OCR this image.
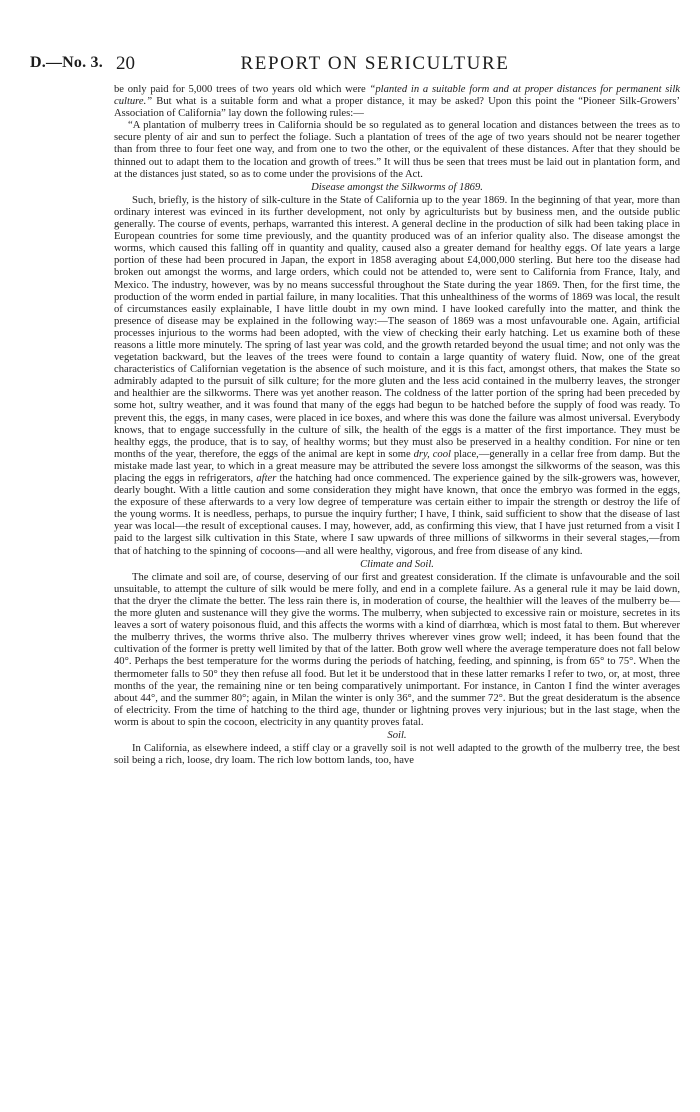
D.—No. 3. 20	REPORT ON SERICULTURE

be only paid for 5,000 trees of two years old which were “planted in a suitable form and at proper distances for permanent silk culture.” But what is a suitable form and what a proper distance, it may be asked? Upon this point the “Pioneer Silk-Growers’ Association of California” lay down the following rules:—

“A plantation of mulberry trees in California should be so regulated as to general location and distances between the trees as to secure plenty of air and sun to perfect the foliage. Such a plantation of trees of the age of two years should not be nearer together than from three to four feet one way, and from one to two the other, or the equivalent of these distances. After that they should be thinned out to adapt them to the location and growth of trees.” It will thus be seen that trees must be laid out in plantation form, and at the distances just stated, so as to come under the provisions of the Act.

Disease amongst the Silkworms of 1869.

Such, briefly, is the history of silk-culture in the State of California up to the year 1869. In the beginning of that year, more than ordinary interest was evinced in its further development, not only by agriculturists but by business men, and the outside public generally. The course of events, perhaps, warranted this interest. A general decline in the production of silk had been taking place in European countries for some time previously, and the quantity produced was of an inferior quality also. The disease amongst the worms, which caused this falling off in quantity and quality, caused also a greater demand for healthy eggs. Of late years a large portion of these had been procured in Japan, the export in 1858 averaging about £4,000,000 sterling. But here too the disease had broken out amongst the worms, and large orders, which could not be attended to, were sent to California from France, Italy, and Mexico. The industry, however, was by no means successful throughout the State during the year 1869. Then, for the first time, the production of the worm ended in partial failure, in many localities. That this unhealthiness of the worms of 1869 was local, the result of circumstances easily explainable, I have little doubt in my own mind. I have looked carefully into the matter, and think the presence of disease may be explained in the following way:—The season of 1869 was a most unfavourable one. Again, artificial processes injurious to the worms had been adopted, with the view of checking their early hatching. Let us examine both of these reasons a little more minutely. The spring of last year was cold, and the growth retarded beyond the usual time; and not only was the vegetation backward, but the leaves of the trees were found to contain a large quantity of watery fluid. Now, one of the great characteristics of Californian vegetation is the absence of such moisture, and it is this fact, amongst others, that makes the State so admirably adapted to the pursuit of silk culture; for the more gluten and the less acid contained in the mulberry leaves, the stronger and healthier are the silkworms. There was yet another reason. The coldness of the latter portion of the spring had been preceded by some hot, sultry weather, and it was found that many of the eggs had begun to be hatched before the supply of food was ready. To prevent this, the eggs, in many cases, were placed in ice boxes, and where this was done the failure was almost universal. Everybody knows, that to engage successfully in the culture of silk, the health of the eggs is a matter of the first importance. They must be healthy eggs, the produce, that is to say, of healthy worms; but they must also be preserved in a healthy condition. For nine or ten months of the year, therefore, the eggs of the animal are kept in some dry, cool place,—generally in a cellar free from damp. But the mistake made last year, to which in a great measure may be attributed the severe loss amongst the silkworms of the season, was this placing the eggs in refrigerators, after the hatching had once commenced. The experience gained by the silk-growers was, however, dearly bought. With a little caution and some consideration they might have known, that once the embryo was formed in the eggs, the exposure of these afterwards to a very low degree of temperature was certain either to impair the strength or destroy the life of the young worms. It is needless, perhaps, to pursue the inquiry further; I have, I think, said sufficient to show that the disease of last year was local—the result of exceptional causes. I may, however, add, as confirming this view, that I have just returned from a visit I paid to the largest silk cultivation in this State, where I saw upwards of three millions of silkworms in their several stages,—from that of hatching to the spinning of cocoons—and all were healthy, vigorous, and free from disease of any kind.

Climate and Soil.

The climate and soil are, of course, deserving of our first and greatest consideration. If the climate is unfavourable and the soil unsuitable, to attempt the culture of silk would be mere folly, and end in a complete failure. As a general rule it may be laid down, that the dryer the climate the better. The less rain there is, in moderation of course, the healthier will the leaves of the mulberry be—the more gluten and sustenance will they give the worms. The mulberry, when subjected to excessive rain or moisture, secretes in its leaves a sort of watery poisonous fluid, and this affects the worms with a kind of diarrhœa, which is most fatal to them. But wherever the mulberry thrives, the worms thrive also. The mulberry thrives wherever vines grow well; indeed, it has been found that the cultivation of the former is pretty well limited by that of the latter. Both grow well where the average temperature does not fall below 40°. Perhaps the best temperature for the worms during the periods of hatching, feeding, and spinning, is from 65° to 75°. When the thermometer falls to 50° they then refuse all food. But let it be understood that in these latter remarks I refer to two, or, at most, three months of the year, the remaining nine or ten being comparatively unimportant. For instance, in Canton I find the winter averages about 44°, and the summer 80°; again, in Milan the winter is only 36°, and the summer 72°. But the great desideratum is the absence of electricity. From the time of hatching to the third age, thunder or lightning proves very injurious; but in the last stage, when the worm is about to spin the cocoon, electricity in any quantity proves fatal.

Soil.

In California, as elsewhere indeed, a stiff clay or a gravelly soil is not well adapted to the growth of the mulberry tree, the best soil being a rich, loose, dry loam. The rich low bottom lands, too, have
